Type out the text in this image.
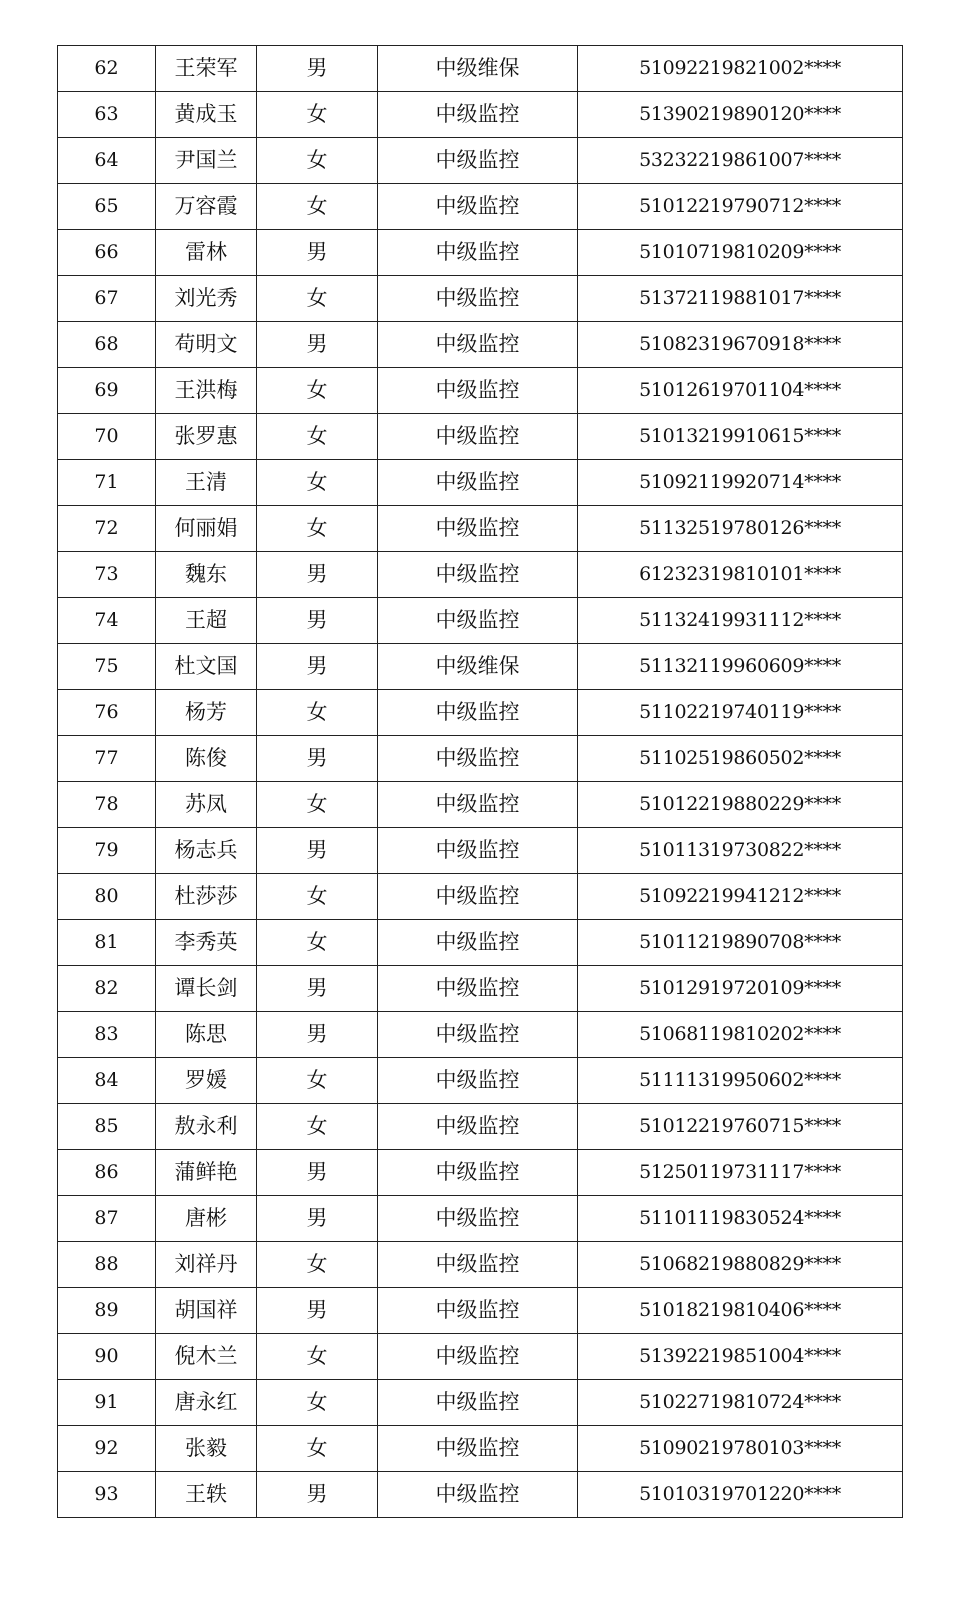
62	王荣军	男	中级维保	51092219821002****
63	黄成玉	女	中级监控	51390219890120****
64	尹国兰	女	中级监控	53232219861007****
65	万容霞	女	中级监控	51012219790712****
66	雷林	男	中级监控	51010719810209****
67	刘光秀	女	中级监控	51372119881017****
68	苟明文	男	中级监控	51082319670918****
69	王洪梅	女	中级监控	51012619701104****
70	张罗惠	女	中级监控	51013219910615****
71	王清	女	中级监控	51092119920714****
72	何丽娟	女	中级监控	51132519780126****
73	魏东	男	中级监控	61232319810101****
74	王超	男	中级监控	51132419931112****
75	杜文国	男	中级维保	51132119960609****
76	杨芳	女	中级监控	51102219740119****
77	陈俊	男	中级监控	51102519860502****
78	苏凤	女	中级监控	51012219880229****
79	杨志兵	男	中级监控	51011319730822****
80	杜莎莎	女	中级监控	51092219941212****
81	李秀英	女	中级监控	51011219890708****
82	谭长剑	男	中级监控	51012919720109****
83	陈思	男	中级监控	51068119810202****
84	罗媛	女	中级监控	51111319950602****
85	敖永利	女	中级监控	51012219760715****
86	蒲鲜艳	男	中级监控	51250119731117****
87	唐彬	男	中级监控	51101119830524****
88	刘祥丹	女	中级监控	51068219880829****
89	胡国祥	男	中级监控	51018219810406****
90	倪木兰	女	中级监控	51392219851004****
91	唐永红	女	中级监控	51022719810724****
92	张毅	女	中级监控	51090219780103****
93	王轶	男	中级监控	51010319701220****
